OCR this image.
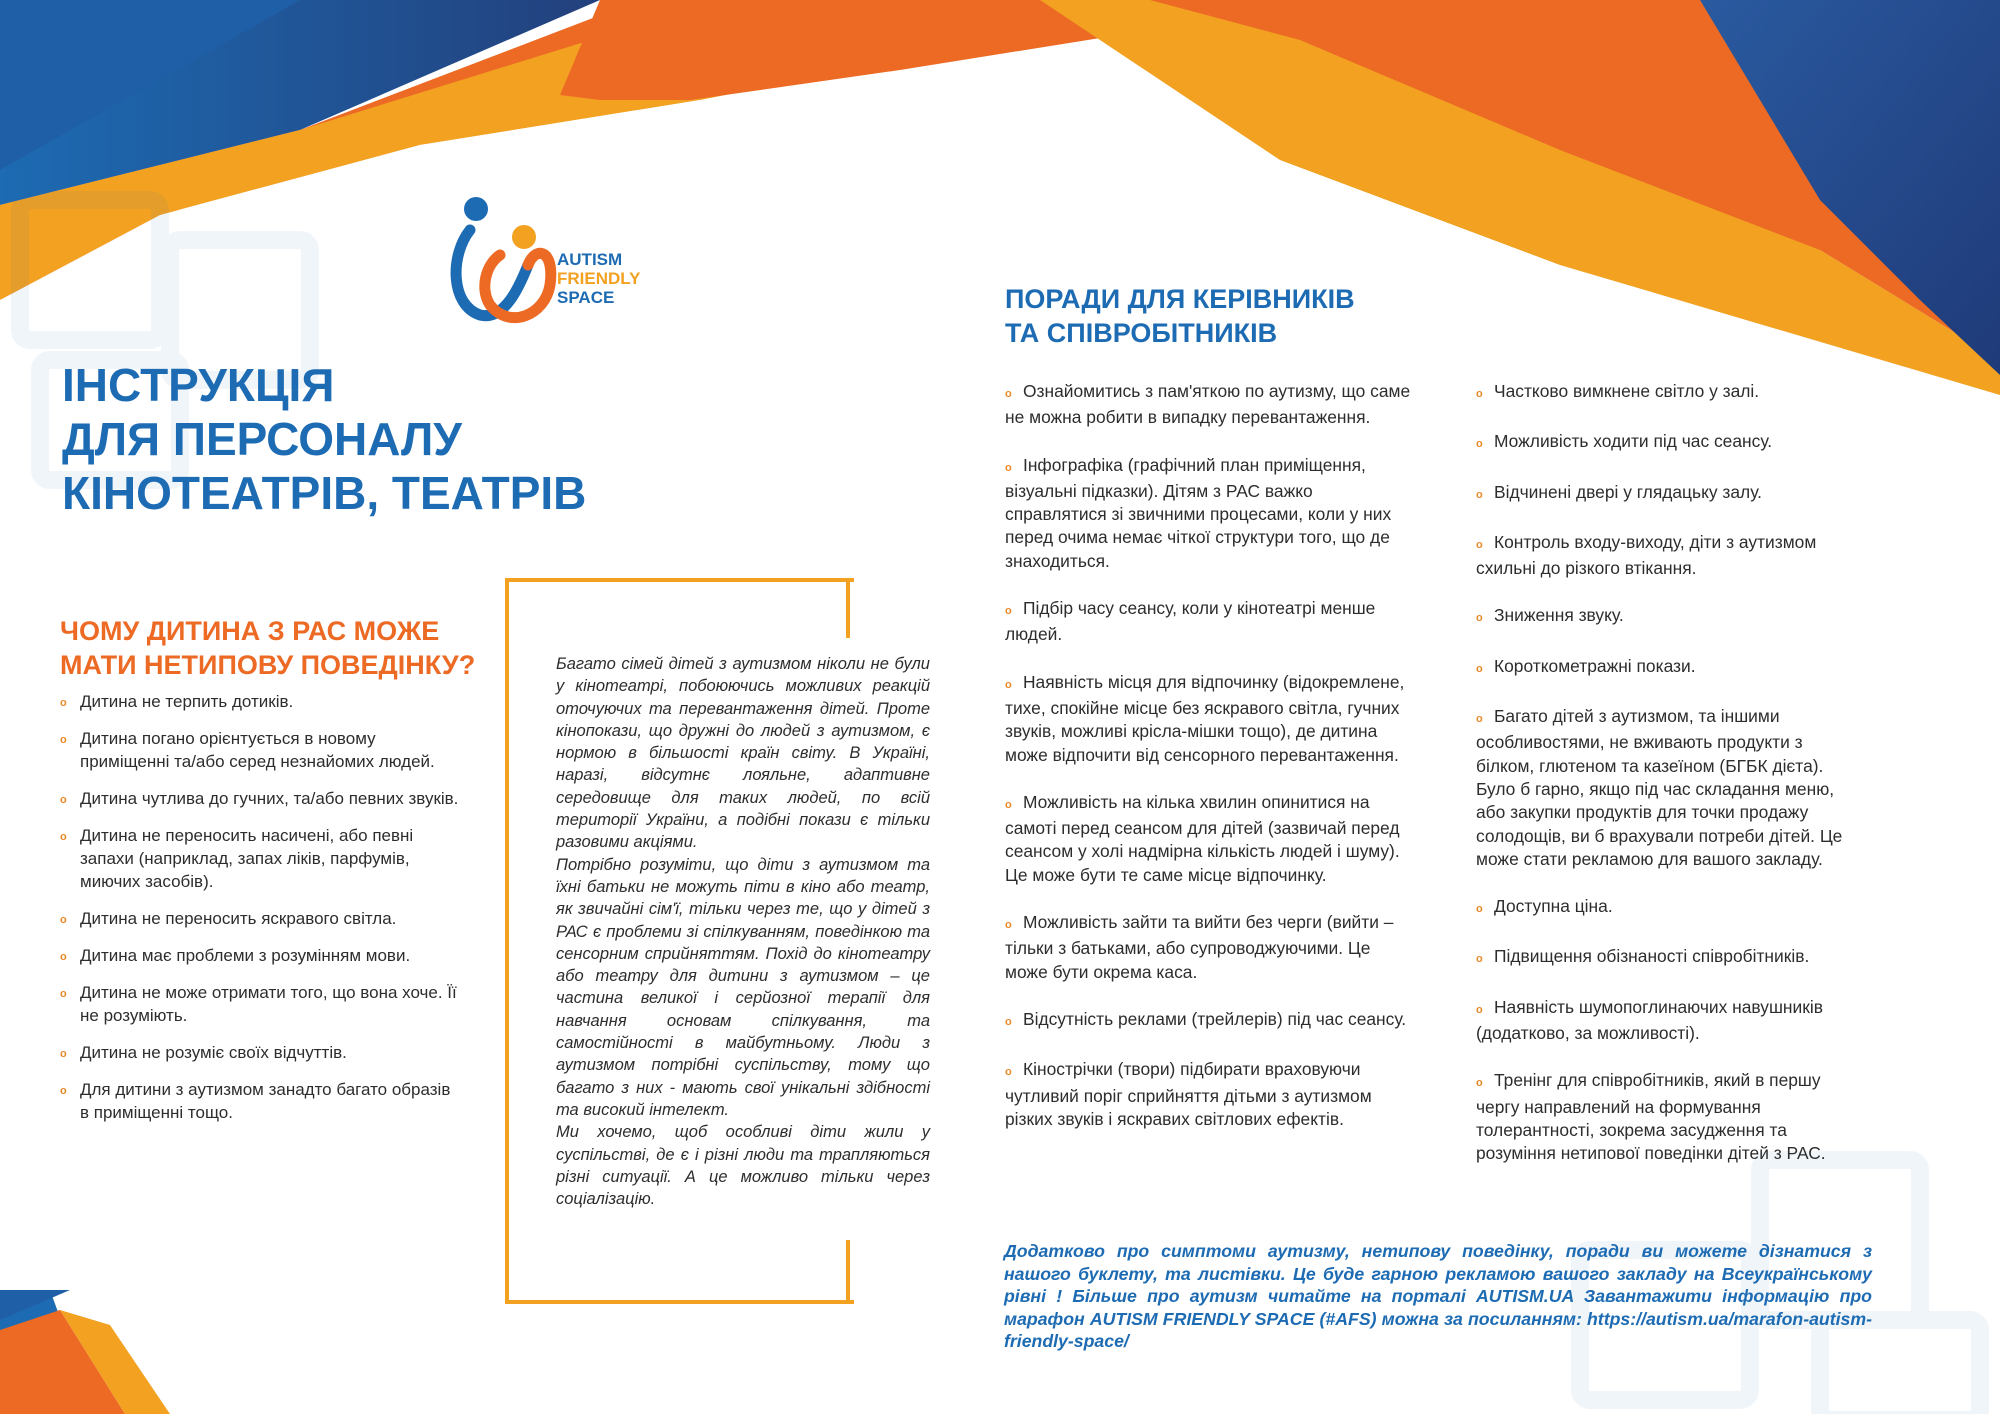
AUTISM
FRIENDLY
SPACE
ІНСТРУКЦІЯ
ДЛЯ ПЕРСОНАЛУ
КІНОТЕАТРІВ, ТЕАТРІВ
ЧОМУ ДИТИНА З РАС МОЖЕ
МАТИ НЕТИПОВУ ПОВЕДІНКУ?
o Дитина не терпить дотиків.
o Дитина погано орієнтується в новому приміщенні та/або серед незнайомих людей.
o Дитина чутлива до гучних, та/або певних звуків.
o Дитина не переносить насичені, або певні запахи (наприклад, запах ліків, парфумів, миючих засобів).
o Дитина не переносить яскравого світла.
o Дитина має проблеми з розумінням мови.
o Дитина не може отримати того, що вона хоче. Її не розуміють.
o Дитина не розуміє своїх відчуттів.
o Для дитини з аутизмом занадто багато образів в приміщенні тощо.

Багато сімей дітей з аутизмом ніколи не були у кінотеатрі, побоюючись можливих реакцій оточуючих та перевантаження дітей. Проте кінопокази, що дружні до людей з аутизмом, є нормою в більшості країн світу. В Україні, наразі, відсутнє лояльне, адаптивне середовище для таких людей, по всій території України, а подібні покази є тільки разовими акціями.

Потрібно розуміти, що діти з аутизмом та їхні батьки не можуть піти в кіно або театр, як звичайні сім'ї, тільки через те, що у дітей з РАС є проблеми зі спілкуванням, поведінкою та сенсорним сприйняттям. Похід до кінотеатру або театру для дитини з аутизмом – це частина великої і серйозної терапії для навчання основам спілкування, та самостійності в майбутньому. Люди з аутизмом потрібні суспільству, тому що багато з них - мають свої унікальні здібності та високий інтелект.

Ми хочемо, щоб особливі діти жили у суспільстві, де є і різні люди та трапляються різні ситуації. А це можливо тільки через соціалізацію.

ПОРАДИ ДЛЯ КЕРІВНИКІВ
ТА СПІВРОБІТНИКІВ
o Ознайомитись з пам'яткою по аутизму, що саме не можна робити в випадку перевантаження.
o Інфографіка (графічний план приміщення, візуальні підказки). Дітям з РАС важко справлятися зі звичними процесами, коли у них перед очима немає чіткої структури того, що де знаходиться.
o Підбір часу сеансу, коли у кінотеатрі менше людей.
o Наявність місця для відпочинку (відокремлене, тихе, спокійне місце без яскравого світла, гучних звуків, можливі крісла-мішки тощо), де дитина може відпочити від сенсорного перевантаження.
o Можливість на кілька хвилин опинитися на самоті перед сеансом для дітей (зазвичай перед сеансом у холі надмірна кількість людей і шуму). Це може бути те саме місце відпочинку.
o Можливість зайти та вийти без черги (вийти – тільки з батьками, або супроводжуючими. Це може бути окрема каса.
o Відсутність реклами (трейлерів) під час сеансу.
o Кінострічки (твори) підбирати враховуючи чутливий поріг сприйняття дітьми з аутизмом різких звуків і яскравих світлових ефектів.
o Частково вимкнене світло у залі.
o Можливість ходити під час сеансу.
o Відчинені двері у глядацьку залу.
o Контроль входу-виходу, діти з аутизмом схильні до різкого втікання.
o Зниження звуку.
o Короткометражні покази.
o Багато дітей з аутизмом, та іншими особливостями, не вживають продукти з білком, глютеном та казеїном (БГБК дієта). Було б гарно, якщо під час складання меню, або закупки продуктів для точки продажу солодощів, ви б врахували потреби дітей. Це може стати рекламою для вашого закладу.
o Доступна ціна.
o Підвищення обізнаності співробітників.
o Наявність шумопоглинаючих навушників (додатково, за можливості).
o Тренінг для співробітників, який в першу чергу направлений на формування толерантності, зокрема засудження та розуміння нетипової поведінки дітей з РАС.
Додатково про симптоми аутизму, нетипову поведінку, поради ви можете дізнатися з нашого буклету, та листівки. Це буде гарною рекламою вашого закладу на Всеукраїнському рівні ! Більше про аутизм читайте на порталі AUTISM.UA Завантажити інформацію про марафон AUTISM FRIENDLY SPACE (#AFS) можна за посиланням: https://autism.ua/marafon-autism-friendly-space/
